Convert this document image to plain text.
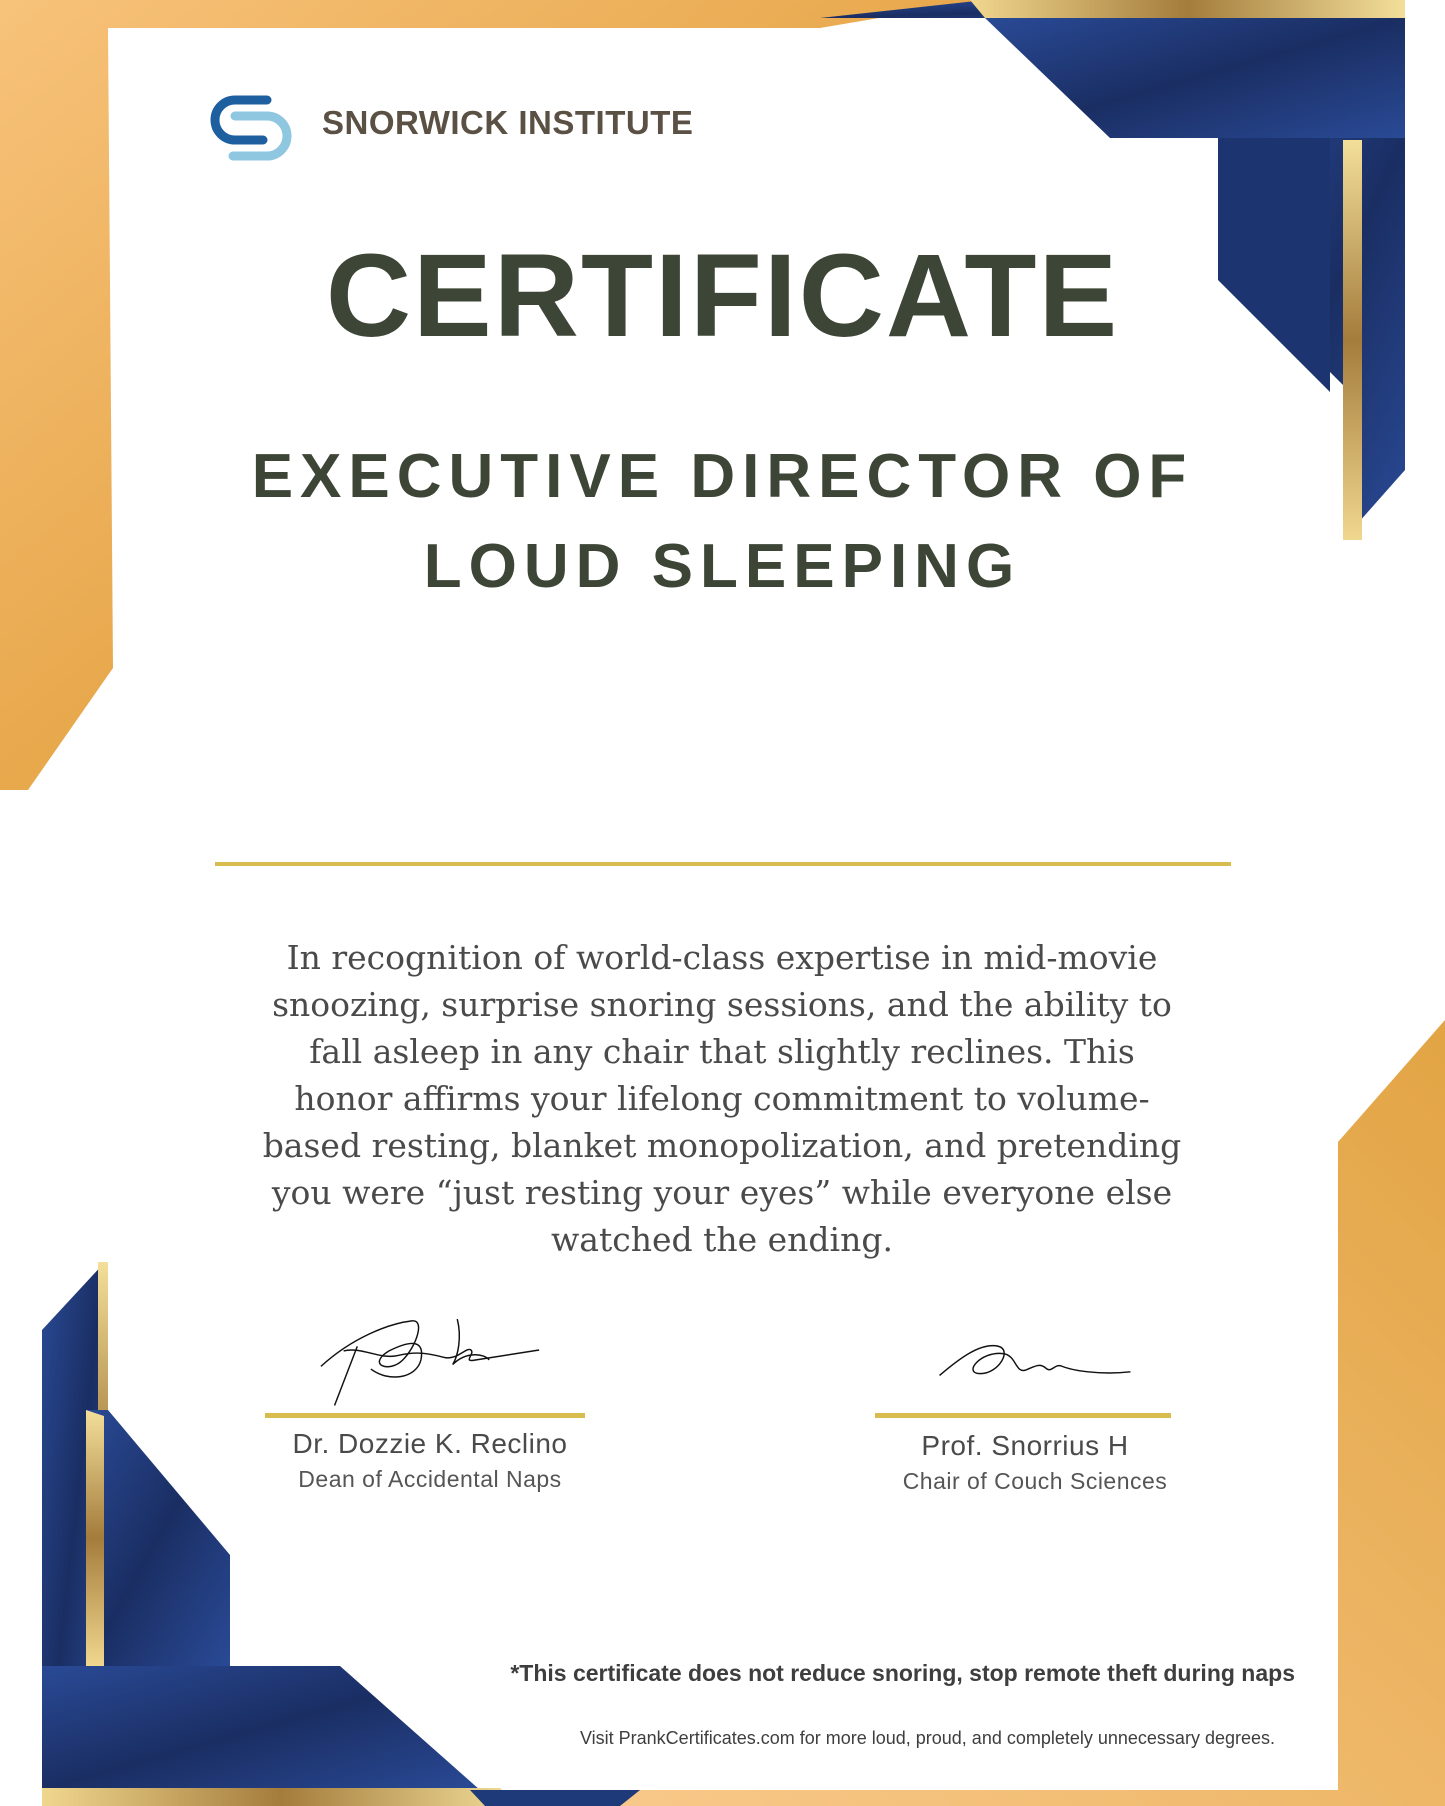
SNORWICK INSTITUTE
CERTIFICATE
EXECUTIVE DIRECTOR OF
LOUD SLEEPING
In recognition of world-class expertise in mid-movie snoozing, surprise snoring sessions, and the ability to fall asleep in any chair that slightly reclines. This honor affirms your lifelong commitment to volume-based resting, blanket monopolization, and pretending you were “just resting your eyes” while everyone else watched the ending.
Dr. Dozzie K. Reclino
Dean of Accidental Naps
Prof. Snorrius H
Chair of Couch Sciences
*This certificate does not reduce snoring, stop remote theft during naps
Visit PrankCertificates.com for more loud, proud, and completely unnecessary degrees.
